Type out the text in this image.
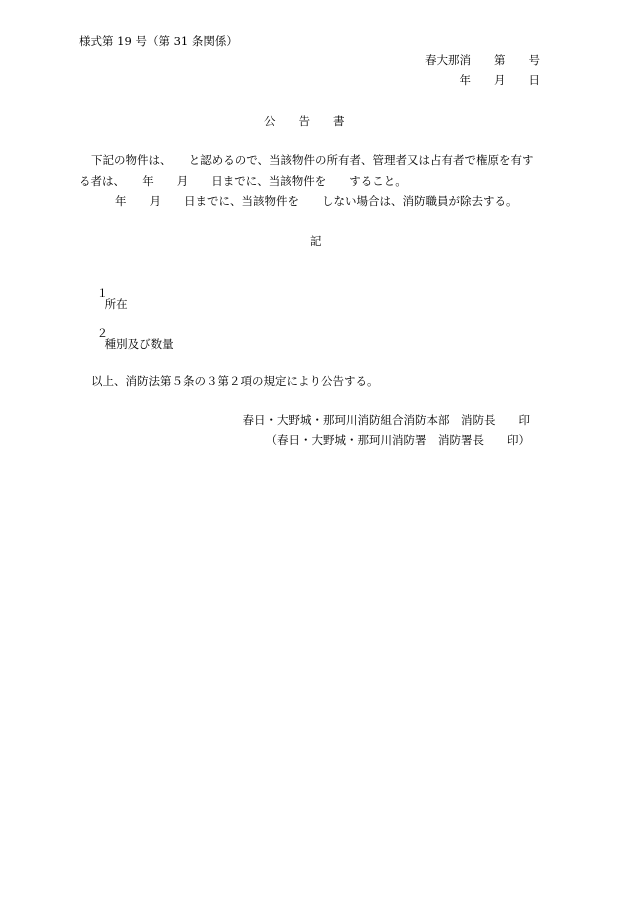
様式第 19 号（第 31 条関係）
春大那消　　第　　号
年　　月　　日
公　　告　　書
下記の物件は、　　と認めるので、当該物件の所有者、管理者又は占有者で権原を有す
る者は、　　年　　月　　日までに、当該物件を　　すること。
年　　月　　日までに、当該物件を　　しない場合は、消防職員が除去する。
記

１
所在

２
種別及び数量

以上、消防法第５条の３第２項の規定により公告する。
春日・大野城・那珂川消防組合消防本部　消防長　　印
（春日・大野城・那珂川消防署　消防署長　　印）
